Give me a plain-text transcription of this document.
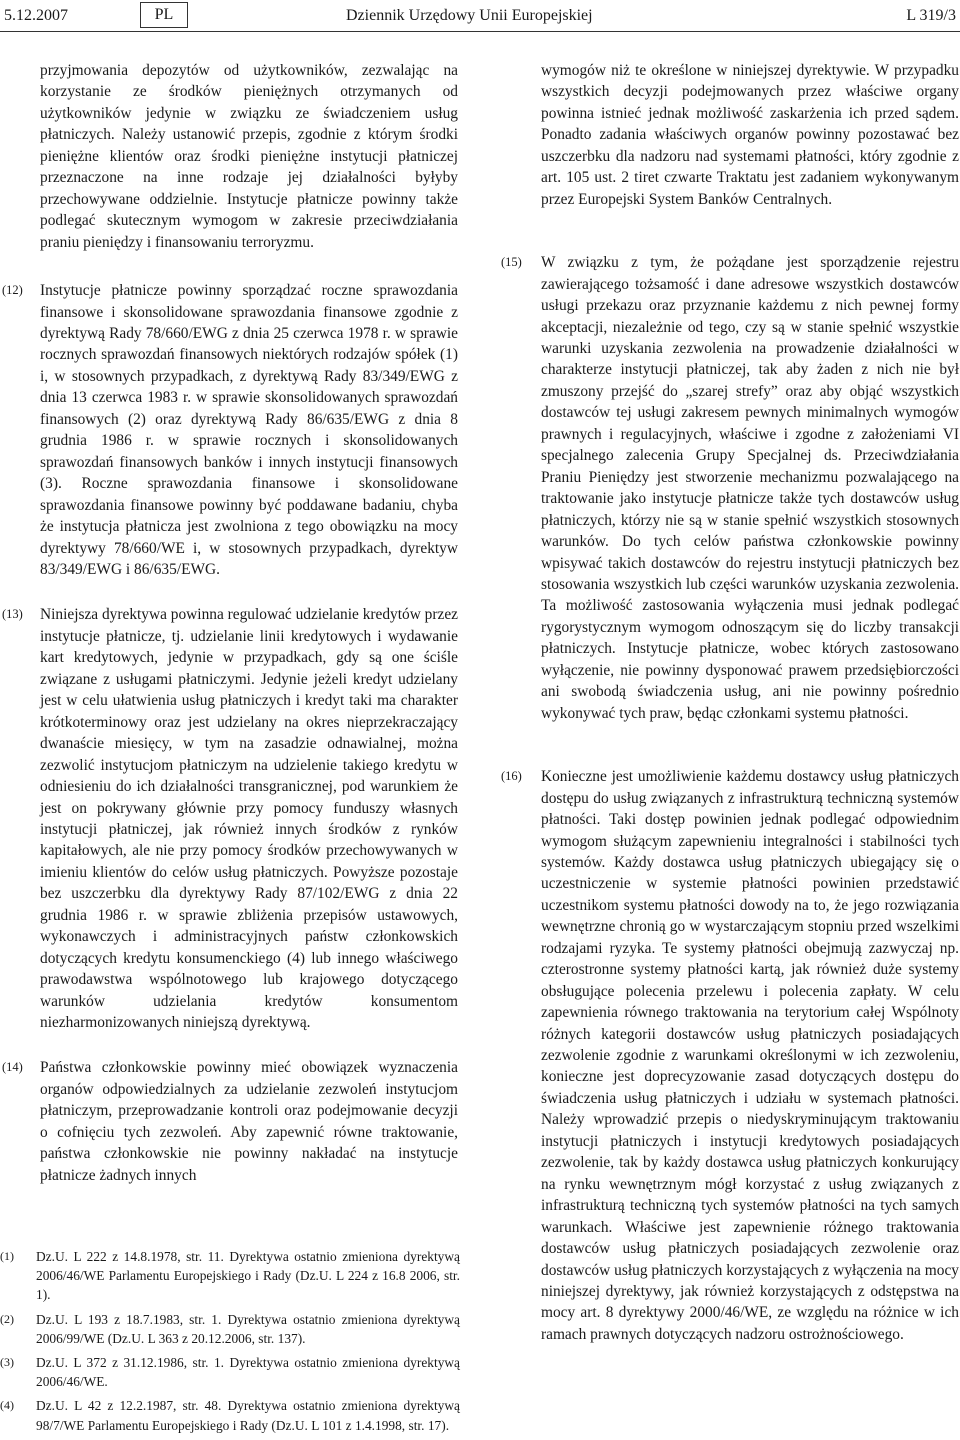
5.12.2007	PL	Dziennik Urzędowy Unii Europejskiej	L 319/3
przyjmowania depozytów od użytkowników, zezwalając na korzystanie ze środków pieniężnych otrzymanych od użytkowników jedynie w związku ze świadczeniem usług płatniczych. Należy ustanowić przepis, zgodnie z którym środki pieniężne klientów oraz środki pieniężne instytucji płatniczej przeznaczone na inne rodzaje jej działalności byłyby przechowywane oddzielnie. Instytucje płatnicze powinny także podlegać skutecznym wymogom w zakresie przeciwdziałania praniu pieniędzy i finansowaniu terroryzmu.
(12) Instytucje płatnicze powinny sporządzać roczne sprawozdania finansowe i skonsolidowane sprawozdania finansowe zgodnie z dyrektywą Rady 78/660/EWG z dnia 25 czerwca 1978 r. w sprawie rocznych sprawozdań finansowych niektórych rodzajów spółek (1) i, w stosownych przypadkach, z dyrektywą Rady 83/349/EWG z dnia 13 czerwca 1983 r. w sprawie skonsolidowanych sprawozdań finansowych (2) oraz dyrektywą Rady 86/635/EWG z dnia 8 grudnia 1986 r. w sprawie rocznych i skonsolidowanych sprawozdań finansowych banków i innych instytucji finansowych (3). Roczne sprawozdania finansowe i skonsolidowane sprawozdania finansowe powinny być poddawane badaniu, chyba że instytucja płatnicza jest zwolniona z tego obowiązku na mocy dyrektywy 78/660/WE i, w stosownych przypadkach, dyrektyw 83/349/EWG i 86/635/EWG.
(13) Niniejsza dyrektywa powinna regulować udzielanie kredytów przez instytucje płatnicze, tj. udzielanie linii kredytowych i wydawanie kart kredytowych, jedynie w przypadkach, gdy są one ściśle związane z usługami płatniczymi. Jedynie jeżeli kredyt udzielany jest w celu ułatwienia usług płatniczych i kredyt taki ma charakter krótkoterminowy oraz jest udzielany na okres nieprzekraczający dwanaście miesięcy, w tym na zasadzie odnawialnej, można zezwolić instytucjom płatniczym na udzielenie takiego kredytu w odniesieniu do ich działalności transgranicznej, pod warunkiem że jest on pokrywany głównie przy pomocy funduszy własnych instytucji płatniczej, jak również innych środków z rynków kapitałowych, ale nie przy pomocy środków przechowywanych w imieniu klientów do celów usług płatniczych. Powyższe pozostaje bez uszczerbku dla dyrektywy Rady 87/102/EWG z dnia 22 grudnia 1986 r. w sprawie zbliżenia przepisów ustawowych, wykonawczych i administracyjnych państw członkowskich dotyczących kredytu konsumenckiego (4) lub innego właściwego prawodawstwa wspólnotowego lub krajowego dotyczącego warunków udzielania kredytów konsumentom niezharmonizowanych niniejszą dyrektywą.
(14) Państwa członkowskie powinny mieć obowiązek wyznaczenia organów odpowiedzialnych za udzielanie zezwoleń instytucjom płatniczym, przeprowadzanie kontroli oraz podejmowanie decyzji o cofnięciu tych zezwoleń. Aby zapewnić równe traktowanie, państwa członkowskie nie powinny nakładać na instytucje płatnicze żadnych innych
wymogów niż te określone w niniejszej dyrektywie. W przypadku wszystkich decyzji podejmowanych przez właściwe organy powinna istnieć jednak możliwość zaskarżenia ich przed sądem. Ponadto zadania właściwych organów powinny pozostawać bez uszczerbku dla nadzoru nad systemami płatności, który zgodnie z art. 105 ust. 2 tiret czwarte Traktatu jest zadaniem wykonywanym przez Europejski System Banków Centralnych.
(15) W związku z tym, że pożądane jest sporządzenie rejestru zawierającego tożsamość i dane adresowe wszystkich dostawców usługi przekazu oraz przyznanie każdemu z nich pewnej formy akceptacji, niezależnie od tego, czy są w stanie spełnić wszystkie warunki uzyskania zezwolenia na prowadzenie działalności w charakterze instytucji płatniczej, tak aby żaden z nich nie był zmuszony przejść do „szarej strefy” oraz aby objąć wszystkich dostawców tej usługi zakresem pewnych minimalnych wymogów prawnych i regulacyjnych, właściwe i zgodne z założeniami VI specjalnego zalecenia Grupy Specjalnej ds. Przeciwdziałania Praniu Pieniędzy jest stworzenie mechanizmu pozwalającego na traktowanie jako instytucje płatnicze także tych dostawców usług płatniczych, którzy nie są w stanie spełnić wszystkich stosownych warunków. Do tych celów państwa członkowskie powinny wpisywać takich dostawców do rejestru instytucji płatniczych bez stosowania wszystkich lub części warunków uzyskania zezwolenia. Ta możliwość zastosowania wyłączenia musi jednak podlegać rygorystycznym wymogom odnoszącym się do liczby transakcji płatniczych. Instytucje płatnicze, wobec których zastosowano wyłączenie, nie powinny dysponować prawem przedsiębiorczości ani swobodą świadczenia usług, ani nie powinny pośrednio wykonywać tych praw, będąc członkami systemu płatności.
(16) Konieczne jest umożliwienie każdemu dostawcy usług płatniczych dostępu do usług związanych z infrastrukturą techniczną systemów płatności. Taki dostęp powinien jednak podlegać odpowiednim wymogom służącym zapewnieniu integralności i stabilności tych systemów. Każdy dostawca usług płatniczych ubiegający się o uczestniczenie w systemie płatności powinien przedstawić uczestnikom systemu płatności dowody na to, że jego rozwiązania wewnętrzne chronią go w wystarczającym stopniu przed wszelkimi rodzajami ryzyka. Te systemy płatności obejmują zazwyczaj np. czterostronne systemy płatności kartą, jak również duże systemy obsługujące polecenia przelewu i polecenia zapłaty. W celu zapewnienia równego traktowania na terytorium całej Wspólnoty różnych kategorii dostawców usług płatniczych posiadających zezwolenie zgodnie z warunkami określonymi w ich zezwoleniu, konieczne jest doprecyzowanie zasad dotyczących dostępu do świadczenia usług płatniczych i udziału w systemach płatności. Należy wprowadzić przepis o niedyskryminującym traktowaniu instytucji płatniczych i instytucji kredytowych posiadających zezwolenie, tak by każdy dostawca usług płatniczych konkurujący na rynku wewnętrznym mógł korzystać z usług związanych z infrastrukturą techniczną tych systemów płatności na tych samych warunkach. Właściwe jest zapewnienie różnego traktowania dostawców usług płatniczych posiadających zezwolenie oraz dostawców usług płatniczych korzystających z wyłączenia na mocy niniejszej dyrektywy, jak również korzystających z odstępstwa na mocy art. 8 dyrektywy 2000/46/WE, ze względu na różnice w ich ramach prawnych dotyczących nadzoru ostrożnościowego.
(1) Dz.U. L 222 z 14.8.1978, str. 11. Dyrektywa ostatnio zmieniona dyrektywą 2006/46/WE Parlamentu Europejskiego i Rady (Dz.U. L 224 z 16.8 2006, str. 1).
(2) Dz.U. L 193 z 18.7.1983, str. 1. Dyrektywa ostatnio zmieniona dyrektywą 2006/99/WE (Dz.U. L 363 z 20.12.2006, str. 137).
(3) Dz.U. L 372 z 31.12.1986, str. 1. Dyrektywa ostatnio zmieniona dyrektywą 2006/46/WE.
(4) Dz.U. L 42 z 12.2.1987, str. 48. Dyrektywa ostatnio zmieniona dyrektywą 98/7/WE Parlamentu Europejskiego i Rady (Dz.U. L 101 z 1.4.1998, str. 17).
